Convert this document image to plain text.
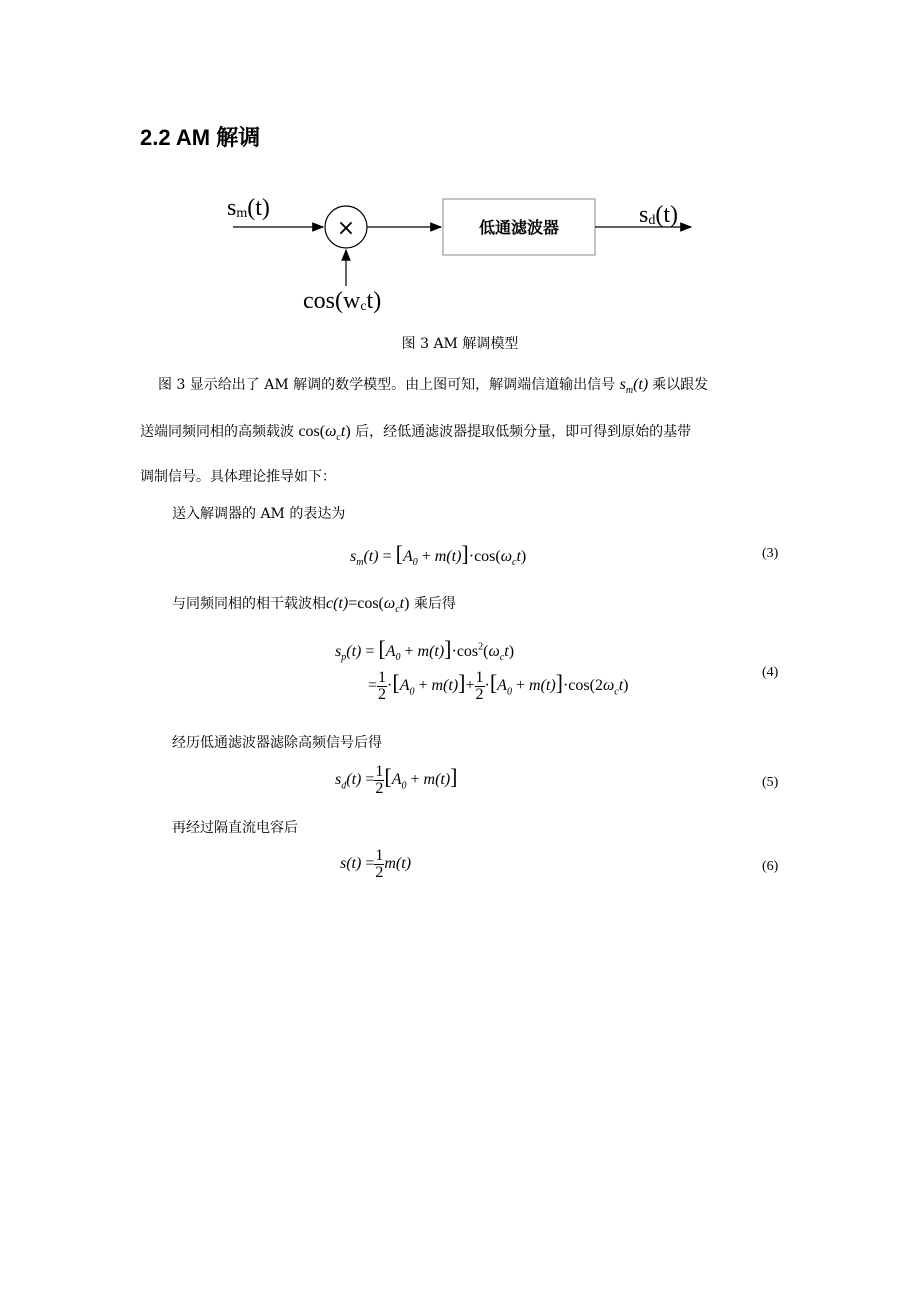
2.2 AM 解调
×	低通滤波器
sm(t)	sd(t)
cos(wct)
图 3 AM 解调模型
图 3 显示给出了 AM 解调的数学模型。由上图可知，解调端信道输出信号 $s_m(t)$ 乘以跟发
送端同频同相的高频载波 $\cos(\omega_ct)$ 后，经低通滤波器提取低频分量，即可得到原始的基带
调制信号。具体理论推导如下：
送入解调器的 AM 的表达为
$s_m(t) = [A_0 + m(t)]\cdot\cos(\omega_ct)$	(3)
与同频同相的相干载波相$c(t)=\cos(\omega_ct)$ 乘后得
$s_p(t) = [A_0 + m(t)]\cdot\cos^2(\omega_ct)$
= $\frac{1}{2} \cdot[A_0 + m(t)]+ \frac{1}{2} \cdot[A_0 + m(t)]\cdot\cos(2\omega_ct)$
(4)
经历低通滤波器滤除高频信号后得
$s_d(t) = \frac{1}{2} [A_0 + m(t)]$	(5)
再经过隔直流电容后
$s(t) = \frac{1}{2} m(t)$	(6)
